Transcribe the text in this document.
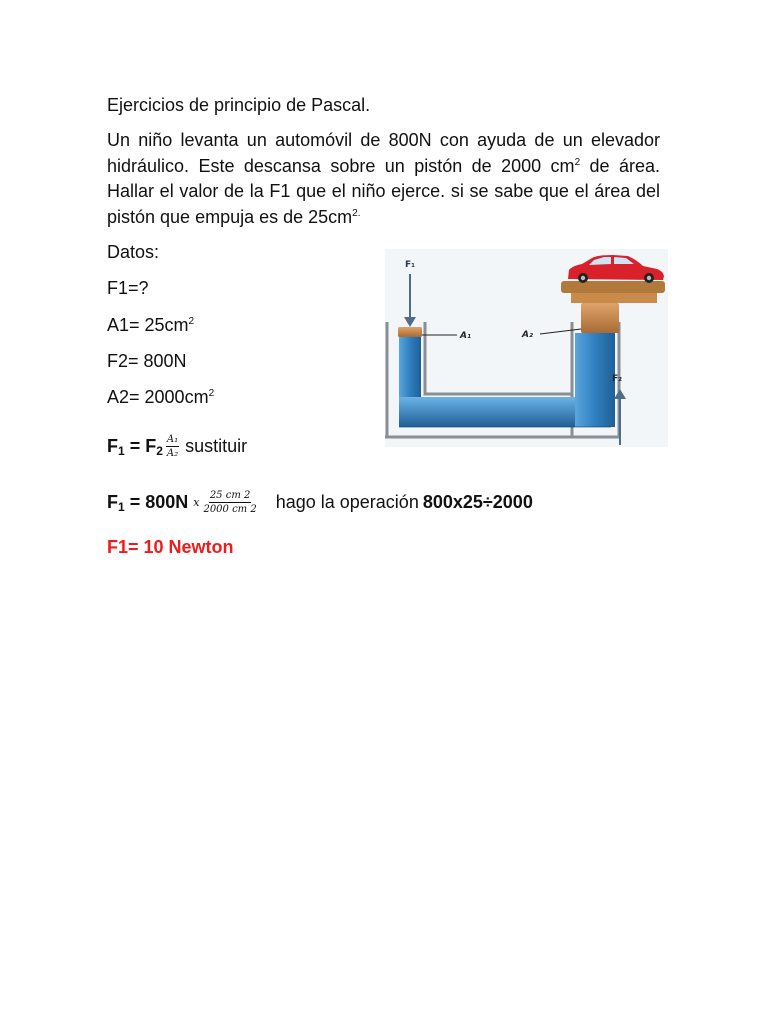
Ejercicios de principio de Pascal.
Un niño levanta un automóvil de 800N con ayuda de un elevador hidráulico. Este descansa sobre un pistón de 2000 $cm^2$ de área. Hallar el valor de la F1 que el niño ejerce. si se sabe que el área del pistón que empuja es de $25cm^{2.}$
Datos:
F1=?
$A1= 25cm^2$
F2= 800N
$A2= 2000cm^2$
$F_1 = F_2 \frac{\text{A₁}}{\text{A₂}}$ sustituir
$F_1 = 800N$ x $\frac{25 cm 2}{2000 cm 2}$ hago la operación 800x25÷2000
F1= 10 Newton
F₁
F₂
A₁	A₂
